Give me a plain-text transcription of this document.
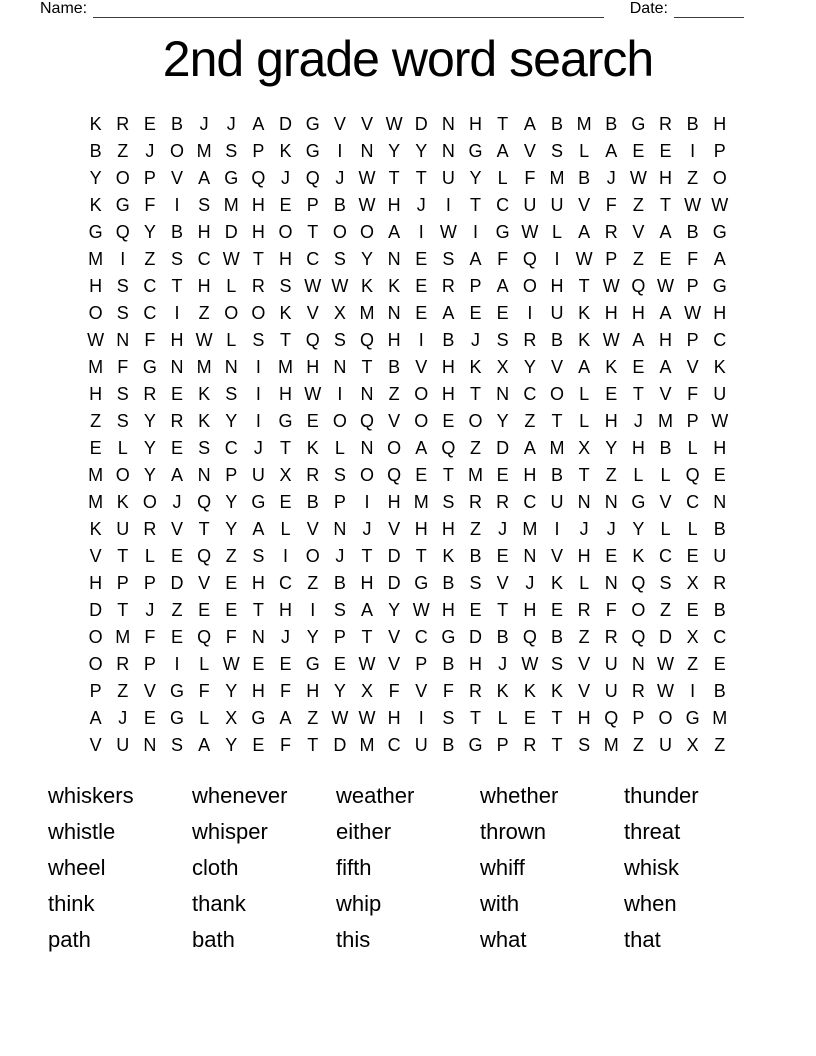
Name:	Date:
2nd grade word search
K R E B J	J A D G V V W D N H T A B M B G R B H
B Z J O M S P K G I	N Y Y N G A V S L A E E	I	P
Y O P V A G Q J Q J W T T U Y L F M B J W H Z O
K G F	I	S M H E P B W H J	I	T C U U V F Z T W W
G Q Y B H D H O T O O A	I W I G W L A R V A B G
M I	Z S C W T H C S Y N E S A F Q I W P Z E F A
H S C T H L R S W W K K E R P A O H T W Q W P G
O S C	I	Z O O K V X M N E A E E	I	U K H H A W H
W N F H W L S T Q S Q H	I	B J S R B K W A H P C
M F G N M N	I M H N T B V H K X Y V A K E A V K
H S R E K S	I	H W I	N Z O H T N C O L E T V F U
Z S Y R K Y	I G E O Q V O E O Y Z T L H J M P W
E L Y E S C J T K L N O A Q Z D A M X Y H B L H
M O Y A N P U X R S O Q E T M E H B T Z L L Q E
M K O J Q Y G E B P	I	H M S R R C U N N G V C N
K U R V T Y A L V N J V H H Z J M I	J	J Y L L B
V T L E Q Z S	I O J T D T K B E N V H E K C E U
H P P D V E H C Z B H D G B S V J K L N Q S X R
D T J Z E E T H	I	S A Y W H E T H E R F O Z E B
O M F E Q F N J Y P T V C G D B Q B Z R Q D X C
O R P	I	L W E E G E W V P B H J W S V U N W Z E
P Z V G F Y H F H Y X F V F R K K K V U R W I	B
A J E G L X G A Z W W H	I	S T L E T H Q P O G M
V U N S A Y E F T D M C U B G P R T S M Z U X Z
whiskers	whenever	weather	whether	thunder
whistle	whisper	either	thrown	threat
wheel	cloth	fifth	whiff	whisk
think	thank	whip	with	when
path	bath	this	what	that
